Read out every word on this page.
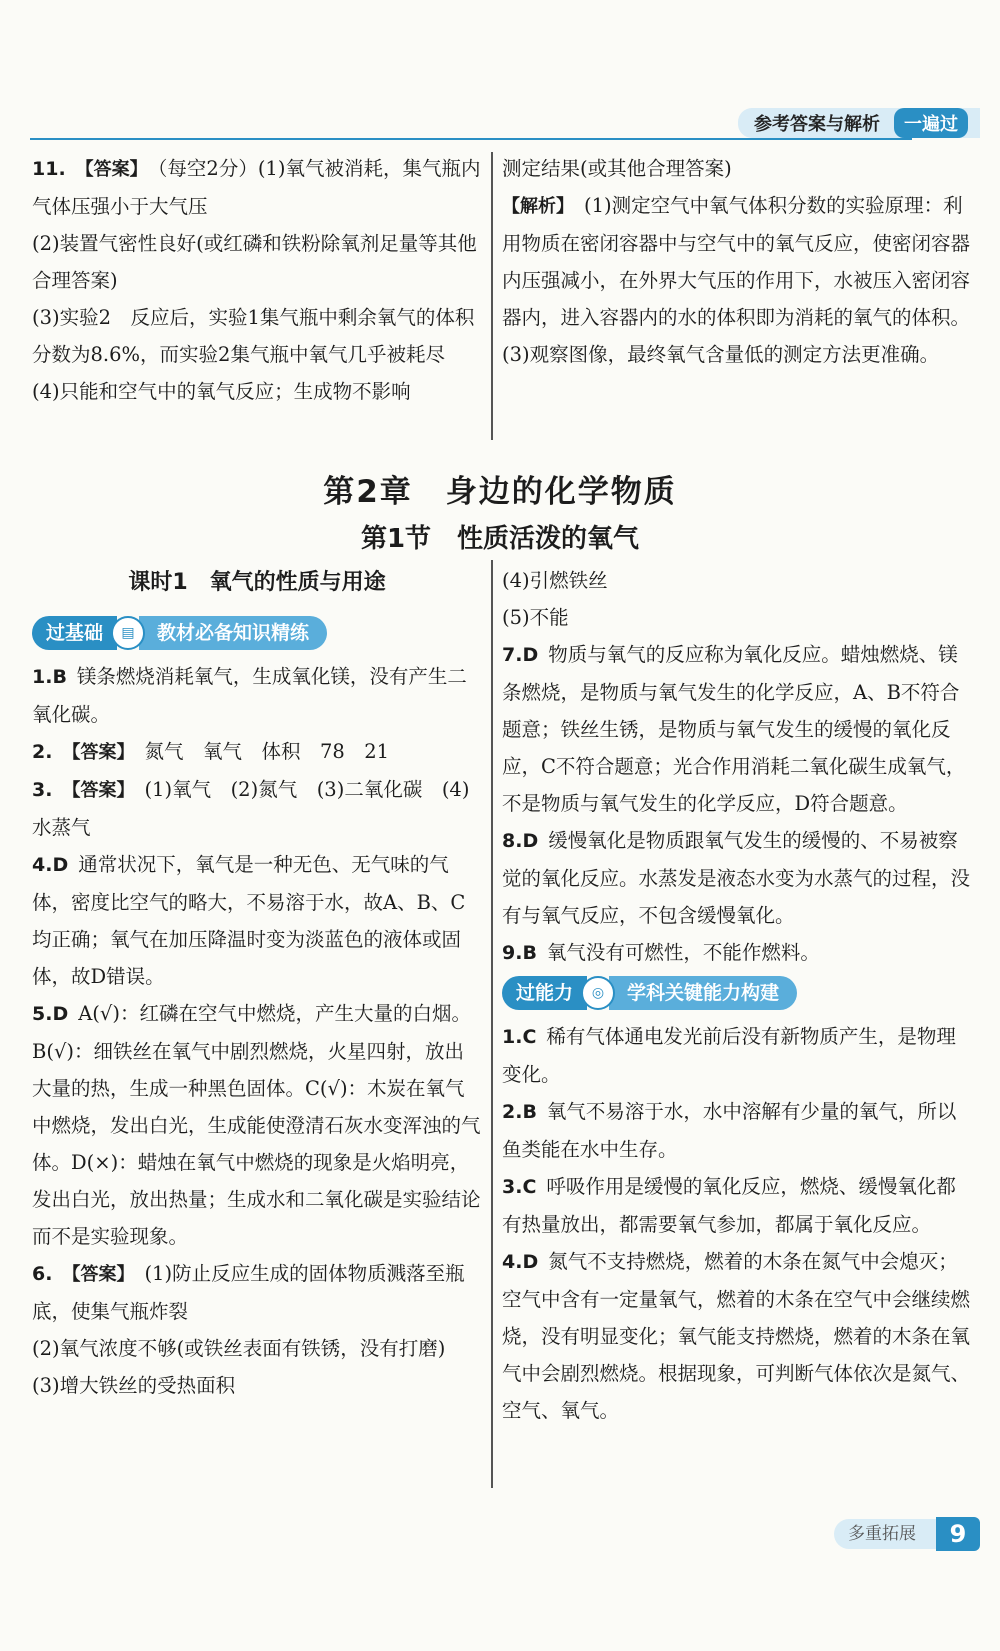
参考答案与解析	一遍过

11. 【答案】 （每空2分）(1)氧气被消耗，集气瓶内气体压强小于大气压

(2)装置气密性良好(或红磷和铁粉除氧剂足量等其他合理答案)

(3)实验2　反应后，实验1集气瓶中剩余氧气的体积分数为8.6%，而实验2集气瓶中氧气几乎被耗尽

(4)只能和空气中的氧气反应；生成物不影响

测定结果(或其他合理答案)

【解析】 (1)测定空气中氧气体积分数的实验原理：利用物质在密闭容器中与空气中的氧气反应，使密闭容器内压强减小，在外界大气压的作用下，水被压入密闭容器内，进入容器内的水的体积即为消耗的氧气的体积。

(3)观察图像，最终氧气含量低的测定方法更准确。

第2章　身边的化学物质
第1节　性质活泼的氧气
课时1　氧气的性质与用途
过基础	▤	教材必备知识精练

1.B 镁条燃烧消耗氧气，生成氧化镁，没有产生二氧化碳。

2. 【答案】 氮气　氧气　体积　78　21

3. 【答案】 (1)氧气　(2)氮气　(3)二氧化碳　(4)水蒸气

4.D 通常状况下，氧气是一种无色、无气味的气体，密度比空气的略大，不易溶于水，故A、B、C均正确；氧气在加压降温时变为淡蓝色的液体或固体，故D错误。

5.D A(√)：红磷在空气中燃烧，产生大量的白烟。B(√)：细铁丝在氧气中剧烈燃烧，火星四射，放出大量的热，生成一种黑色固体。C(√)：木炭在氧气中燃烧，发出白光，生成能使澄清石灰水变浑浊的气体。D(×)：蜡烛在氧气中燃烧的现象是火焰明亮，发出白光，放出热量；生成水和二氧化碳是实验结论而不是实验现象。

6. 【答案】 (1)防止反应生成的固体物质溅落至瓶底，使集气瓶炸裂

(2)氧气浓度不够(或铁丝表面有铁锈，没有打磨)

(3)增大铁丝的受热面积

(4)引燃铁丝

(5)不能

7.D 物质与氧气的反应称为氧化反应。蜡烛燃烧、镁条燃烧，是物质与氧气发生的化学反应，A、B不符合题意；铁丝生锈，是物质与氧气发生的缓慢的氧化反应，C不符合题意；光合作用消耗二氧化碳生成氧气，不是物质与氧气发生的化学反应，D符合题意。

8.D 缓慢氧化是物质跟氧气发生的缓慢的、不易被察觉的氧化反应。水蒸发是液态水变为水蒸气的过程，没有与氧气反应，不包含缓慢氧化。

9.B 氧气没有可燃性，不能作燃料。

过能力	◎	学科关键能力构建

1.C 稀有气体通电发光前后没有新物质产生，是物理变化。

2.B 氧气不易溶于水，水中溶解有少量的氧气，所以鱼类能在水中生存。

3.C 呼吸作用是缓慢的氧化反应，燃烧、缓慢氧化都有热量放出，都需要氧气参加，都属于氧化反应。

4.D 氮气不支持燃烧，燃着的木条在氮气中会熄灭；空气中含有一定量氧气，燃着的木条在空气中会继续燃烧，没有明显变化；氧气能支持燃烧，燃着的木条在氧气中会剧烈燃烧。根据现象，可判断气体依次是氮气、空气、氧气。

多重拓展	9
